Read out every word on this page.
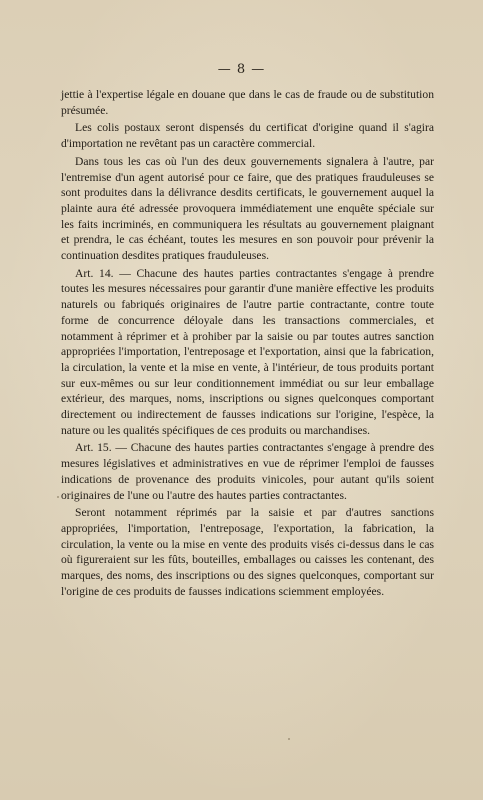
— 8 —

jettie à l'expertise légale en douane que dans le cas de fraude ou de substitution présumée.

Les colis postaux seront dispensés du certificat d'origine quand il s'agira d'importation ne revêtant pas un caractère commercial.

Dans tous les cas où l'un des deux gouvernements signalera à l'autre, par l'entremise d'un agent autorisé pour ce faire, que des pratiques frauduleuses se sont produites dans la délivrance desdits certificats, le gouvernement auquel la plainte aura été adressée provoquera immédiatement une enquête spéciale sur les faits incriminés, en communiquera les résultats au gouvernement plaignant et prendra, le cas échéant, toutes les mesures en son pouvoir pour prévenir la continuation desdites pratiques frauduleuses.

Art. 14. — Chacune des hautes parties contractantes s'engage à prendre toutes les mesures nécessaires pour garantir d'une manière effective les produits naturels ou fabriqués originaires de l'autre partie contractante, contre toute forme de concurrence déloyale dans les transactions commerciales, et notamment à réprimer et à prohiber par la saisie ou par toutes autres sanction appropriées l'importation, l'entreposage et l'exportation, ainsi que la fabrication, la circulation, la vente et la mise en vente, à l'intérieur, de tous produits portant sur eux-mêmes ou sur leur conditionnement immédiat ou sur leur emballage extérieur, des marques, noms, inscriptions ou signes quelconques comportant directement ou indirectement de fausses indications sur l'origine, l'espèce, la nature ou les qualités spécifiques de ces produits ou marchandises.

Art. 15. — Chacune des hautes parties contractantes s'engage à prendre des mesures législatives et administratives en vue de réprimer l'emploi de fausses indications de provenance des produits vinicoles, pour autant qu'ils soient originaires de l'une ou l'autre des hautes parties contractantes.

Seront notamment réprimés par la saisie et par d'autres sanctions appropriées, l'importation, l'entreposage, l'exportation, la fabrication, la circulation, la vente ou la mise en vente des produits visés ci-dessus dans le cas où figureraient sur les fûts, bouteilles, emballages ou caisses les contenant, des marques, des noms, des inscriptions ou des signes quelconques, comportant sur l'origine de ces produits de fausses indications sciemment employées.
